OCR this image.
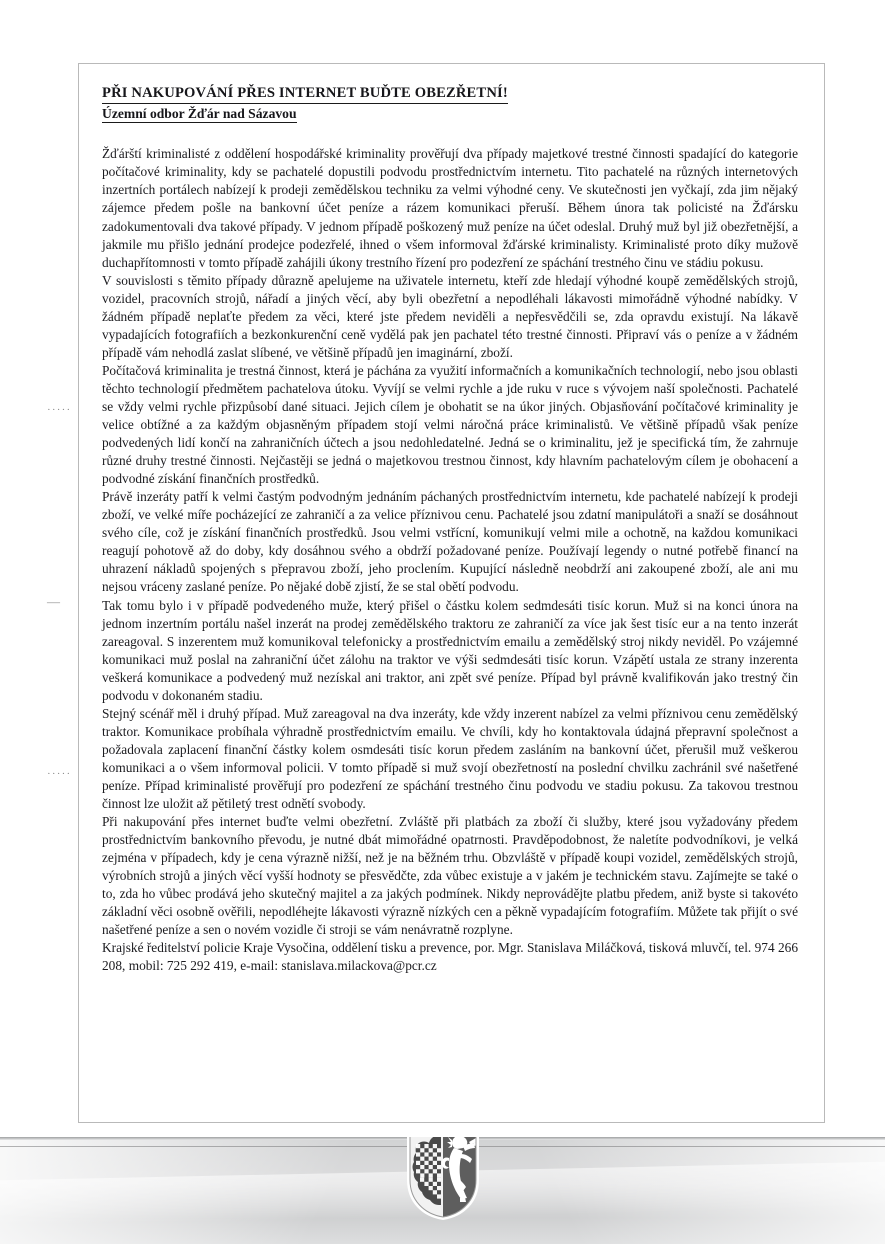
PŘI NAKUPOVÁNÍ PŘES INTERNET BUĎTE OBEZŘETNÍ!
Územní odbor Žďár nad Sázavou

Žďárští kriminalisté z oddělení hospodářské kriminality prověřují dva případy majetkové trestné činnosti spadající do kategorie počítačové kriminality, kdy se pachatelé dopustili podvodu prostřednictvím internetu. Tito pachatelé na různých internetových inzertních portálech nabízejí k prodeji zemědělskou techniku za velmi výhodné ceny. Ve skutečnosti jen vyčkají, zda jim nějaký zájemce předem pošle na bankovní účet peníze a rázem komunikaci přeruší. Během února tak policisté na Žďársku zadokumentovali dva takové případy. V jednom případě poškozený muž peníze na účet odeslal. Druhý muž byl již obezřetnější, a jakmile mu přišlo jednání prodejce podezřelé, ihned o všem informoval žďárské kriminalisty. Kriminalisté proto díky mužově duchapřítomnosti v tomto případě zahájili úkony trestního řízení pro podezření ze spáchání trestného činu ve stádiu pokusu.

V souvislosti s těmito případy důrazně apelujeme na uživatele internetu, kteří zde hledají výhodné koupě zemědělských strojů, vozidel, pracovních strojů, nářadí a jiných věcí, aby byli obezřetní a nepodléhali lákavosti mimořádně výhodné nabídky. V žádném případě neplaťte předem za věci, které jste předem neviděli a nepřesvědčili se, zda opravdu existují. Na lákavě vypadajících fotografiích a bezkonkurenční ceně vydělá pak jen pachatel této trestné činnosti. Připraví vás o peníze a v žádném případě vám nehodlá zaslat slíbené, ve většině případů jen imaginární, zboží.

Počítačová kriminalita je trestná činnost, která je páchána za využití informačních a komunikačních technologií, nebo jsou oblasti těchto technologií předmětem pachatelova útoku. Vyvíjí se velmi rychle a jde ruku v ruce s vývojem naší společnosti. Pachatelé se vždy velmi rychle přizpůsobí dané situaci. Jejich cílem je obohatit se na úkor jiných. Objasňování počítačové kriminality je velice obtížné a za každým objasněným případem stojí velmi náročná práce kriminalistů. Ve většině případů však peníze podvedených lidí končí na zahraničních účtech a jsou nedohledatelné. Jedná se o kriminalitu, jež je specifická tím, že zahrnuje různé druhy trestné činnosti. Nejčastěji se jedná o majetkovou trestnou činnost, kdy hlavním pachatelovým cílem je obohacení a podvodné získání finančních prostředků.

Právě inzeráty patří k velmi častým podvodným jednáním páchaných prostřednictvím internetu, kde pachatelé nabízejí k prodeji zboží, ve velké míře pocházející ze zahraničí a za velice příznivou cenu. Pachatelé jsou zdatní manipulátoři a snaží se dosáhnout svého cíle, což je získání finančních prostředků. Jsou velmi vstřícní, komunikují velmi mile a ochotně, na každou komunikaci reagují pohotově až do doby, kdy dosáhnou svého a obdrží požadované peníze. Používají legendy o nutné potřebě financí na uhrazení nákladů spojených s přepravou zboží, jeho proclením. Kupující následně neobdrží ani zakoupené zboží, ale ani mu nejsou vráceny zaslané peníze. Po nějaké době zjistí, že se stal obětí podvodu.

Tak tomu bylo i v případě podvedeného muže, který přišel o částku kolem sedmdesáti tisíc korun. Muž si na konci února na jednom inzertním portálu našel inzerát na prodej zemědělského traktoru ze zahraničí za více jak šest tisíc eur a na tento inzerát zareagoval. S inzerentem muž komunikoval telefonicky a prostřednictvím emailu a zemědělský stroj nikdy neviděl. Po vzájemné komunikaci muž poslal na zahraniční účet zálohu na traktor ve výši sedmdesáti tisíc korun. Vzápětí ustala ze strany inzerenta veškerá komunikace a podvedený muž nezískal ani traktor, ani zpět své peníze. Případ byl právně kvalifikován jako trestný čin podvodu v dokonaném stadiu.

Stejný scénář měl i druhý případ. Muž zareagoval na dva inzeráty, kde vždy inzerent nabízel za velmi příznivou cenu zemědělský traktor. Komunikace probíhala výhradně prostřednictvím emailu. Ve chvíli, kdy ho kontaktovala údajná přepravní společnost a požadovala zaplacení finanční částky kolem osmdesáti tisíc korun předem zasláním na bankovní účet, přerušil muž veškerou komunikaci a o všem informoval policii. V tomto případě si muž svojí obezřetností na poslední chvilku zachránil své našetřené peníze. Případ kriminalisté prověřují pro podezření ze spáchání trestného činu podvodu ve stadiu pokusu. Za takovou trestnou činnost lze uložit až pětiletý trest odnětí svobody.

Při nakupování přes internet buďte velmi obezřetní. Zvláště při platbách za zboží či služby, které jsou vyžadovány předem prostřednictvím bankovního převodu, je nutné dbát mimořádné opatrnosti. Pravděpodobnost, že naletíte podvodníkovi, je velká zejména v případech, kdy je cena výrazně nižší, než je na běžném trhu. Obzvláště v případě koupi vozidel, zemědělských strojů, výrobních strojů a jiných věcí vyšší hodnoty se přesvědčte, zda vůbec existuje a v jakém je technickém stavu. Zajímejte se také o to, zda ho vůbec prodává jeho skutečný majitel a za jakých podmínek. Nikdy neprovádějte platbu předem, aniž byste si takovéto základní věci osobně ověřili, nepodléhejte lákavosti výrazně nízkých cen a pěkně vypadajícím fotografiím. Můžete tak přijít o své našetřené peníze a sen o novém vozidle či stroji se vám nenávratně rozplyne.

Krajské ředitelství policie Kraje Vysočina, oddělení tisku a prevence, por. Mgr. Stanislava Miláčková, tisková mluvčí, tel. 974 266 208, mobil: 725 292 419, e-mail: stanislava.milackova@pcr.cz

·····
—
·····
